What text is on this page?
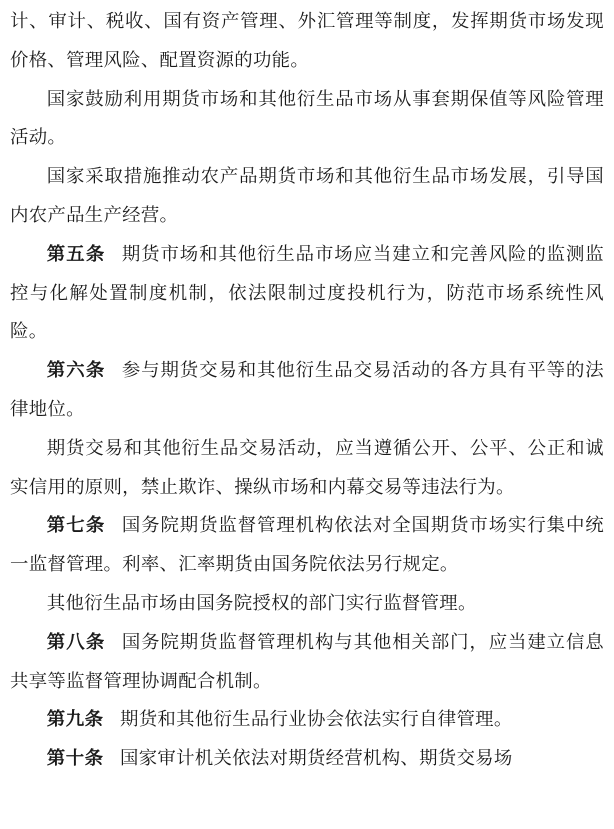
计、审计、税收、国有资产管理、外汇管理等制度，发挥期货市场发现价格、管理风险、配置资源的功能。

国家鼓励利用期货市场和其他衍生品市场从事套期保值等风险管理活动。

国家采取措施推动农产品期货市场和其他衍生品市场发展，引导国内农产品生产经营。

第五条 期货市场和其他衍生品市场应当建立和完善风险的监测监控与化解处置制度机制，依法限制过度投机行为，防范市场系统性风险。

第六条 参与期货交易和其他衍生品交易活动的各方具有平等的法律地位。

期货交易和其他衍生品交易活动，应当遵循公开、公平、公正和诚实信用的原则，禁止欺诈、操纵市场和内幕交易等违法行为。

第七条 国务院期货监督管理机构依法对全国期货市场实行集中统一监督管理。利率、汇率期货由国务院依法另行规定。

其他衍生品市场由国务院授权的部门实行监督管理。

第八条 国务院期货监督管理机构与其他相关部门，应当建立信息共享等监督管理协调配合机制。

第九条 期货和其他衍生品行业协会依法实行自律管理。

第十条 国家审计机关依法对期货经营机构、期货交易场
